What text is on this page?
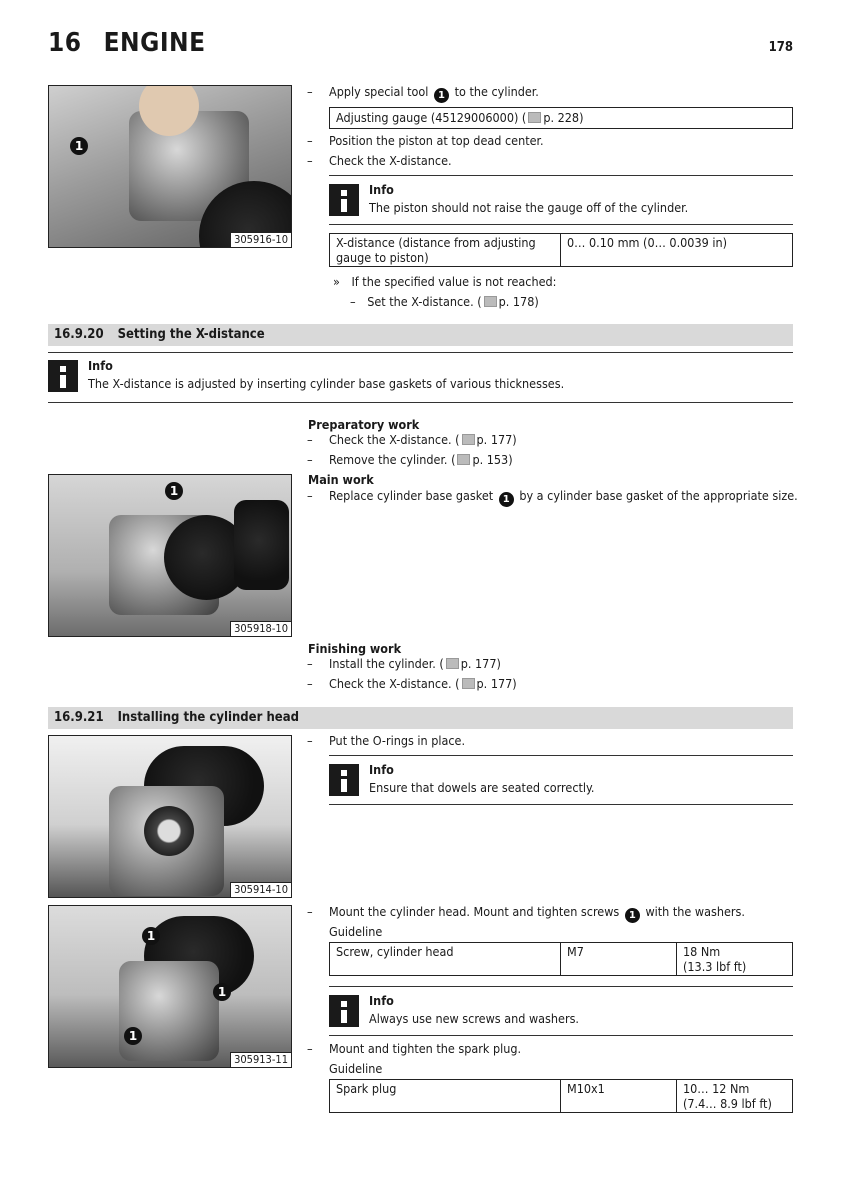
16 ENGINE	178
305916-10
1
– Apply special tool 1 to the cylinder.
Adjusting gauge (45129006000) ( p. 228)
– Position the piston at top dead center.
– Check the X-distance.
Info
The piston should not raise the gauge off of the cylinder.
X-distance (distance from adjusting
gauge to piston)	0… 0.10 mm (0… 0.0039 in)
» If the specified value is not reached:
– Set the X-distance. ( p. 178)
16.9.20 Setting the X-distance
Info
The X-distance is adjusted by inserting cylinder base gaskets of various thicknesses.
Preparatory work
– Check the X-distance. ( p. 177)
– Remove the cylinder. ( p. 153)
Main work
– Replace cylinder base gasket 1 by a cylinder base gasket of the appropriate size.
305918-10
1
Finishing work
– Install the cylinder. ( p. 177)
– Check the X-distance. ( p. 177)
16.9.21 Installing the cylinder head
305914-10
– Put the O-rings in place.
Info
Ensure that dowels are seated correctly.
305913-11
1
1
1
– Mount the cylinder head. Mount and tighten screws 1 with the washers.
Guideline
Screw, cylinder head	M7	18 Nm
(13.3 lbf ft)
Info
Always use new screws and washers.
– Mount and tighten the spark plug.
Guideline
Spark plug	M10x1	10… 12 Nm
(7.4… 8.9 lbf ft)
